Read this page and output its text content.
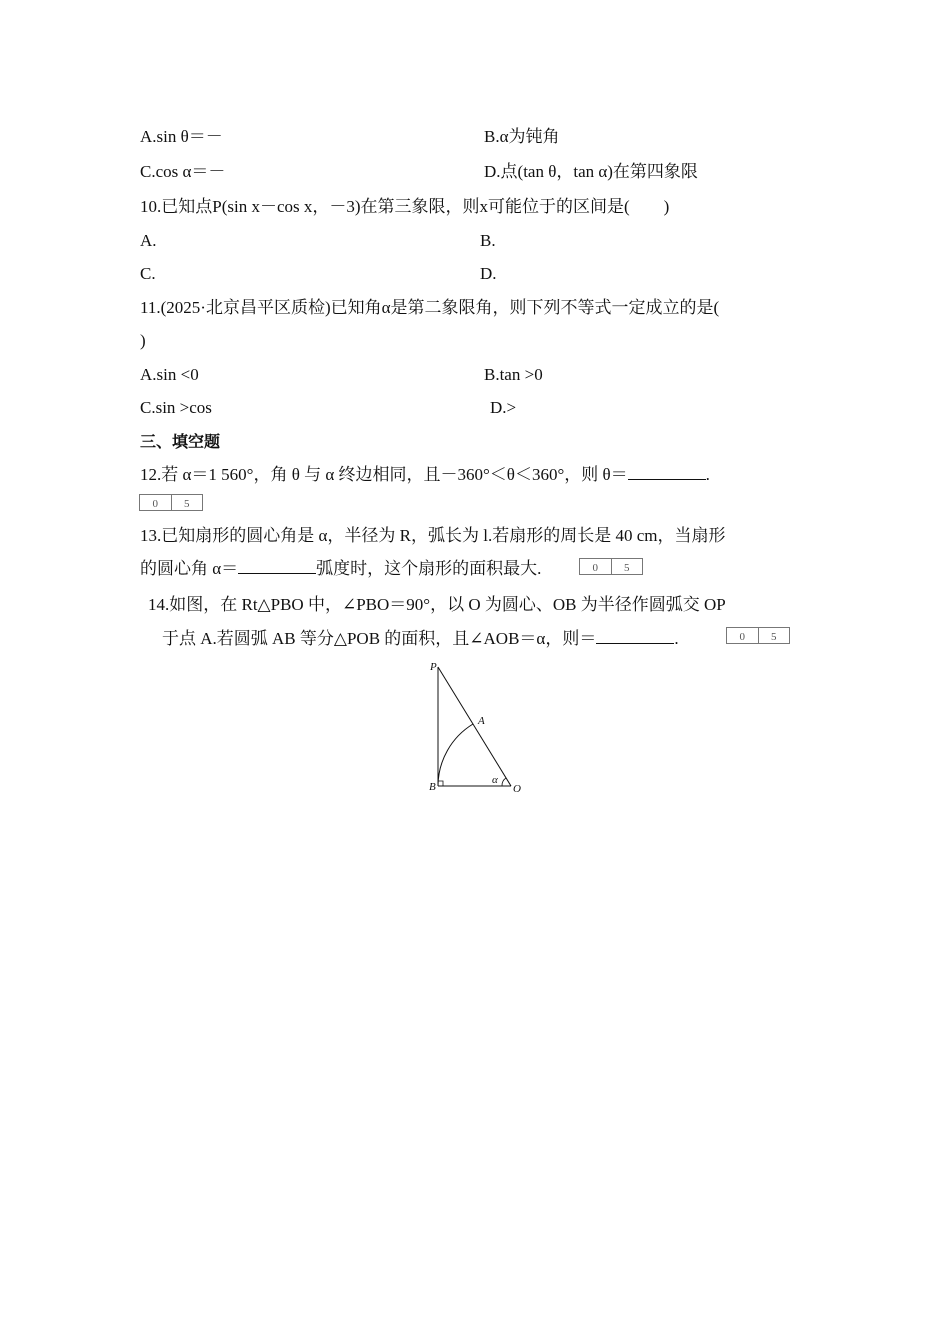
A.sin θ＝－	B.α为钝角
C.cos α＝－	D.点(tan θ，tan α)在第四象限
10.已知点P(sin x－cos x，－3)在第三象限，则x可能位于的区间是(　　)
A.	B.
C.	D.
11.(2025·北京昌平区质检)已知角α是第二象限角，则下列不等式一定成立的是(
)
A.sin <0	B.tan >0
C.sin >cos	D.>
三、填空题
12.若 α＝1 560°，角 θ 与 α 终边相同，且－360°＜θ＜360°，则 θ＝	.
0	5
13.已知扇形的圆心角是 α，半径为 R，弧长为 l.若扇形的周长是 40 cm，当扇形
的圆心角 α＝	弧度时，这个扇形的面积最大.	0	5
14.如图，在 Rt△PBO 中，∠PBO＝90°，以 O 为圆心、OB 为半径作圆弧交 OP
于点 A.若圆弧 AB 等分△POB 的面积，且∠AOB＝α，则＝	.	0	5
P
A
B	O
α
